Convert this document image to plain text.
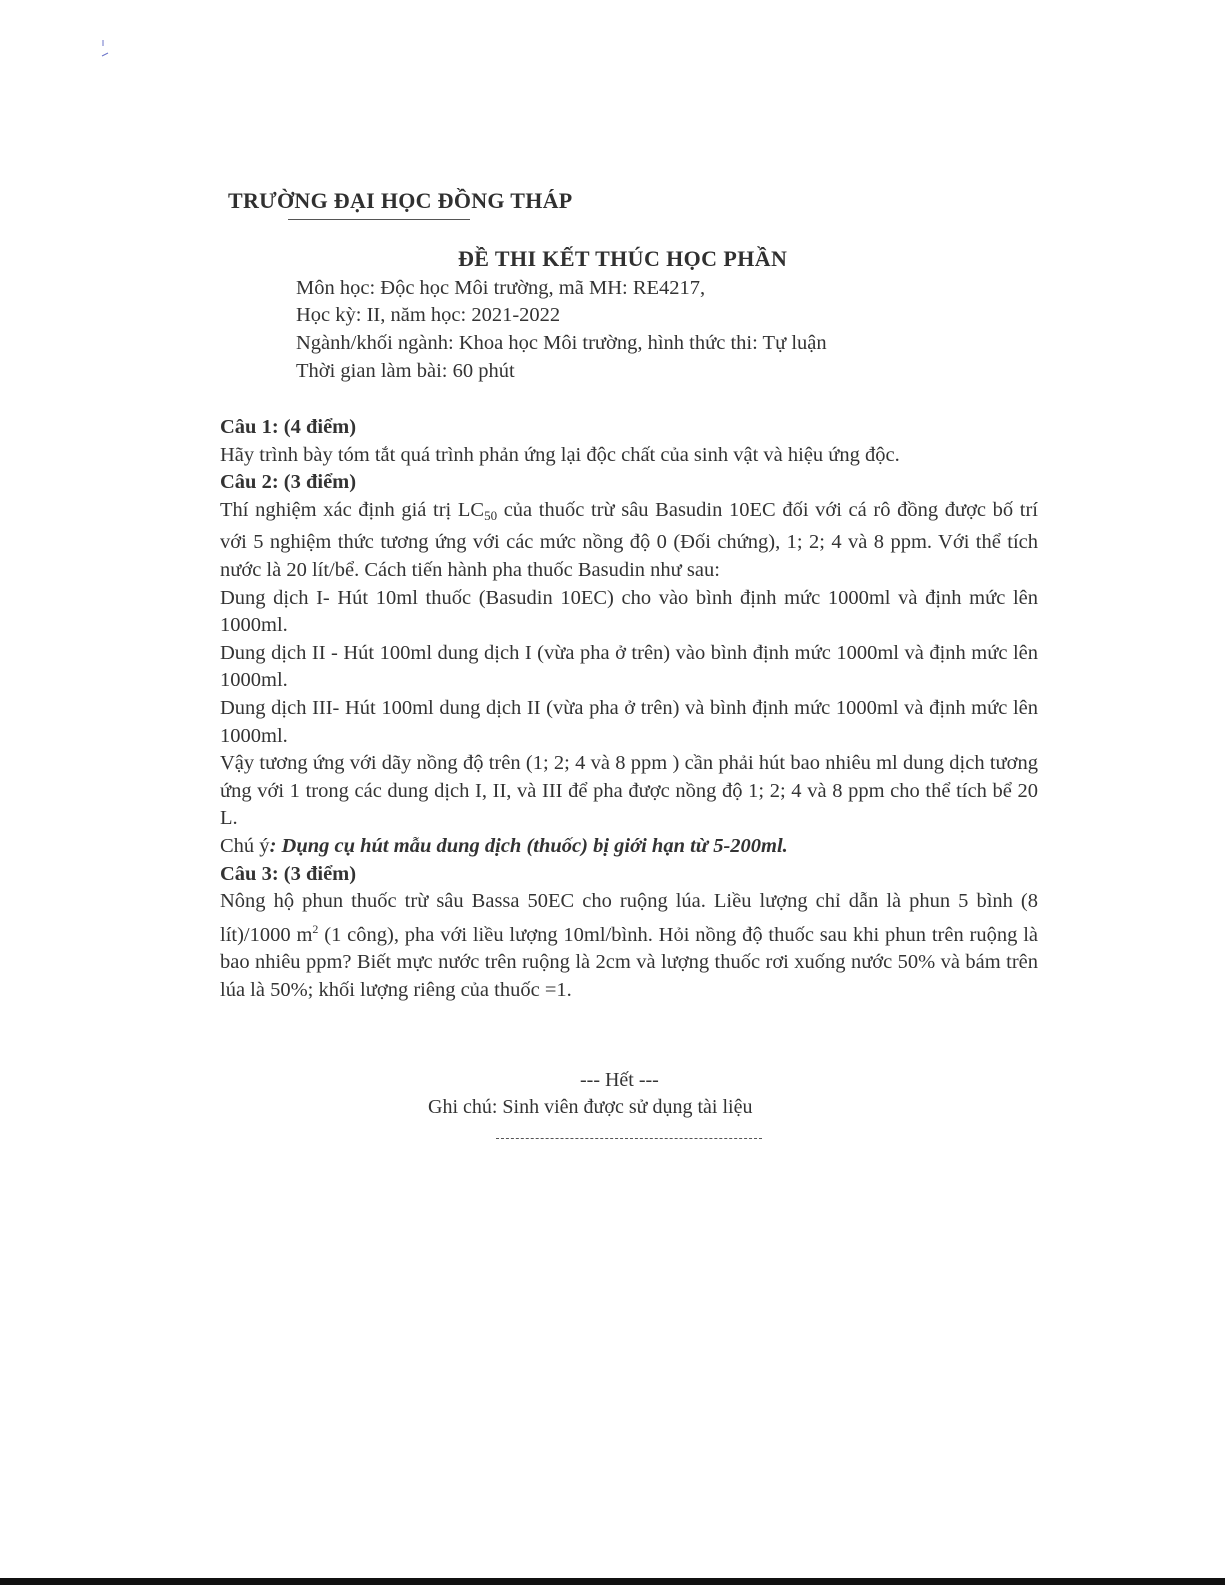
TRƯỜNG ĐẠI HỌC ĐỒNG THÁP
ĐỀ THI KẾT THÚC HỌC PHẦN
Môn học: Độc học Môi trường, mã MH: RE4217,
Học kỳ: II, năm học: 2021-2022
Ngành/khối ngành: Khoa học Môi trường, hình thức thi: Tự luận
Thời gian làm bài: 60 phút

Câu 1: (4 điểm)

Hãy trình bày tóm tắt quá trình phản ứng lại độc chất của sinh vật và hiệu ứng độc.

Câu 2: (3 điểm)

Thí nghiệm xác định giá trị $LC_{50}$ của thuốc trừ sâu Basudin 10EC đối với cá rô đồng được bố trí với 5 nghiệm thức tương ứng với các mức nồng độ 0 (Đối chứng), 1; 2; 4 và 8 ppm. Với thể tích nước là 20 lít/bể. Cách tiến hành pha thuốc Basudin như sau:

Dung dịch I- Hút 10ml thuốc (Basudin 10EC) cho vào bình định mức 1000ml và định mức lên 1000ml.

Dung dịch II - Hút 100ml dung dịch I (vừa pha ở trên) vào bình định mức 1000ml và định mức lên 1000ml.

Dung dịch III- Hút 100ml dung dịch II (vừa pha ở trên) và bình định mức 1000ml và định mức lên 1000ml.

Vậy tương ứng với dãy nồng độ trên (1; 2; 4 và 8 ppm ) cần phải hút bao nhiêu ml dung dịch tương ứng với 1 trong các dung dịch I, II, và III để pha được nồng độ 1; 2; 4 và 8 ppm cho thể tích bể 20 L.

Chú ý: Dụng cụ hút mẫu dung dịch (thuốc) bị giới hạn từ 5-200ml.

Câu 3: (3 điểm)

Nông hộ phun thuốc trừ sâu Bassa 50EC cho ruộng lúa. Liều lượng chỉ dẫn là phun 5 bình (8 lít)/1000 $m^2$ (1 công), pha với liều lượng 10ml/bình. Hỏi nồng độ thuốc sau khi phun trên ruộng là bao nhiêu ppm? Biết mực nước trên ruộng là 2cm và lượng thuốc rơi xuống nước 50% và bám trên lúa là 50%; khối lượng riêng của thuốc =1.

--- Hết ---
Ghi chú: Sinh viên được sử dụng tài liệu
